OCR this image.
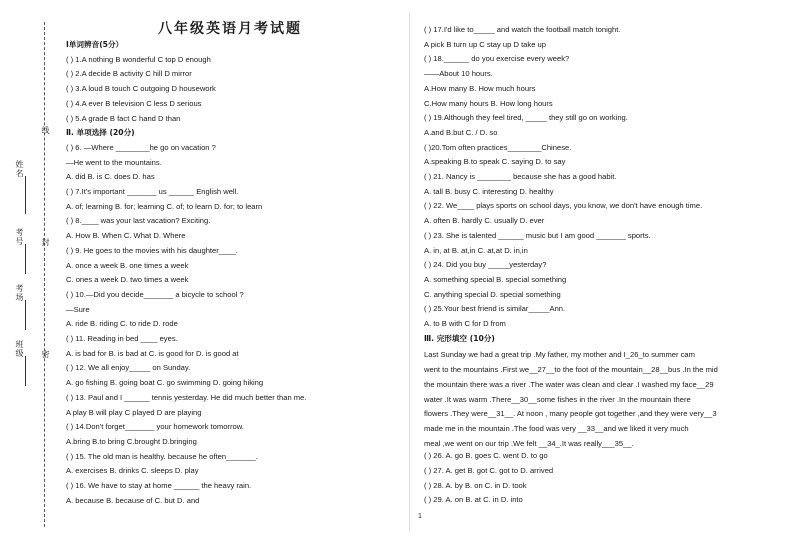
姓名
考号
考场
班级
线
封
密
八年级英语月考试题
Ⅰ单词辨音(5分）
( ) 1.A nothing B wonderful C top D enough
( ) 2.A decide B activity C hill D mirror
( ) 3.A loud B touch C outgoing D housework
( ) 4.A ever B television C less D serious
( ) 5.A grade B fact C hand D than
Ⅱ. 单项选择 (20分)
( ) 6. —Where ________he go on vacation ?
—He went to the mountains.
A. did B. is C. does D. has
( ) 7.It's important _______ us ______ English well.
A. of; learning B. for; learning C. of; to learn D. for; to learn
( ) 8.____ was your last vacation? Exciting.
A. How B. When C. What D. Where
( ) 9. He goes to the movies with his daughter____.
A. once a week B. one times a week
C. ones a week D. two times a week
( ) 10.—Did you decide_______ a bicycle to school ?
—Sure
A. ride B. riding C. to ride D. rode
( ) 11. Reading in bed ____ eyes.
A. is bad for B. is bad at C. is good for D. is good at
( ) 12. We all enjoy_____ on Sunday.
A. go fishing B. going boat C. go swimming D. going hiking
( ) 13. Paul and I ______ tennis yesterday. He did much better than me.
A play B will play C played D are playing
( ) 14.Don't forget_______ your homework tomorrow.
A.bring B.to bring C.brought D.bringing
( ) 15. The old man is healthy. because he often_______.
A. exercises B. drinks C. sleeps D. play
( ) 16. We have to stay at home ______ the heavy rain.
A. because B. because of C. but D. and
( ) 17.I'd like to_____ and watch the football match tonight.
A pick B turn up C stay up D take up
( ) 18.______ do you exercise every week?
——About 10 hours.
A.How many B. How much hours
C.How many hours B. How long hours
( ) 19.Although they feel tired, _____ they still go on working.
A.and B.but C. / D. so
( )20.Tom often practices________Chinese.
A.speaking B.to speak C. saying D. to say
( ) 21. Nancy is ________ because she has a good habit.
A. tall B. busy C. interesting D. healthy
( ) 22. We____ plays sports on school days, you know, we don't have enough time.
A. often B. hardly C. usually D. ever
( ) 23. She is talented ______ music but I am good _______ sports.
A. in, at B. at,in C. at,at D. in,in
( ) 24. Did you buy _____yesterday?
A. something special B. special something
C. anything special D. special something
( ) 25.Your best friend is similar_____Ann.
A. to B with C for D from
Ⅲ. 完形填空 (10分)
Last Sunday we had a great trip .My father, my mother and I_26_to summer cam
went to the mountains .First we__27__to the foot of the mountain__28__bus .In the mid
the mountain there was a river .The water was clean and clear .I washed my face__29
water .It was warm .There__30__some fishes in the river .In the mountain there
flowers .They were__31__. At noon , many people got together ,and they were very__3
made me in the mountain .The food was very __33__and we liked it very much
meal ,we went on our trip .We felt __34_.It was really___35__.
( ) 26. A. go B. goes C. went D. to go
( ) 27. A. get B. got C. got to D. arrived
( ) 28. A. by B. on C. in D. took
( ) 29. A. on B. at C. in D. into
1
